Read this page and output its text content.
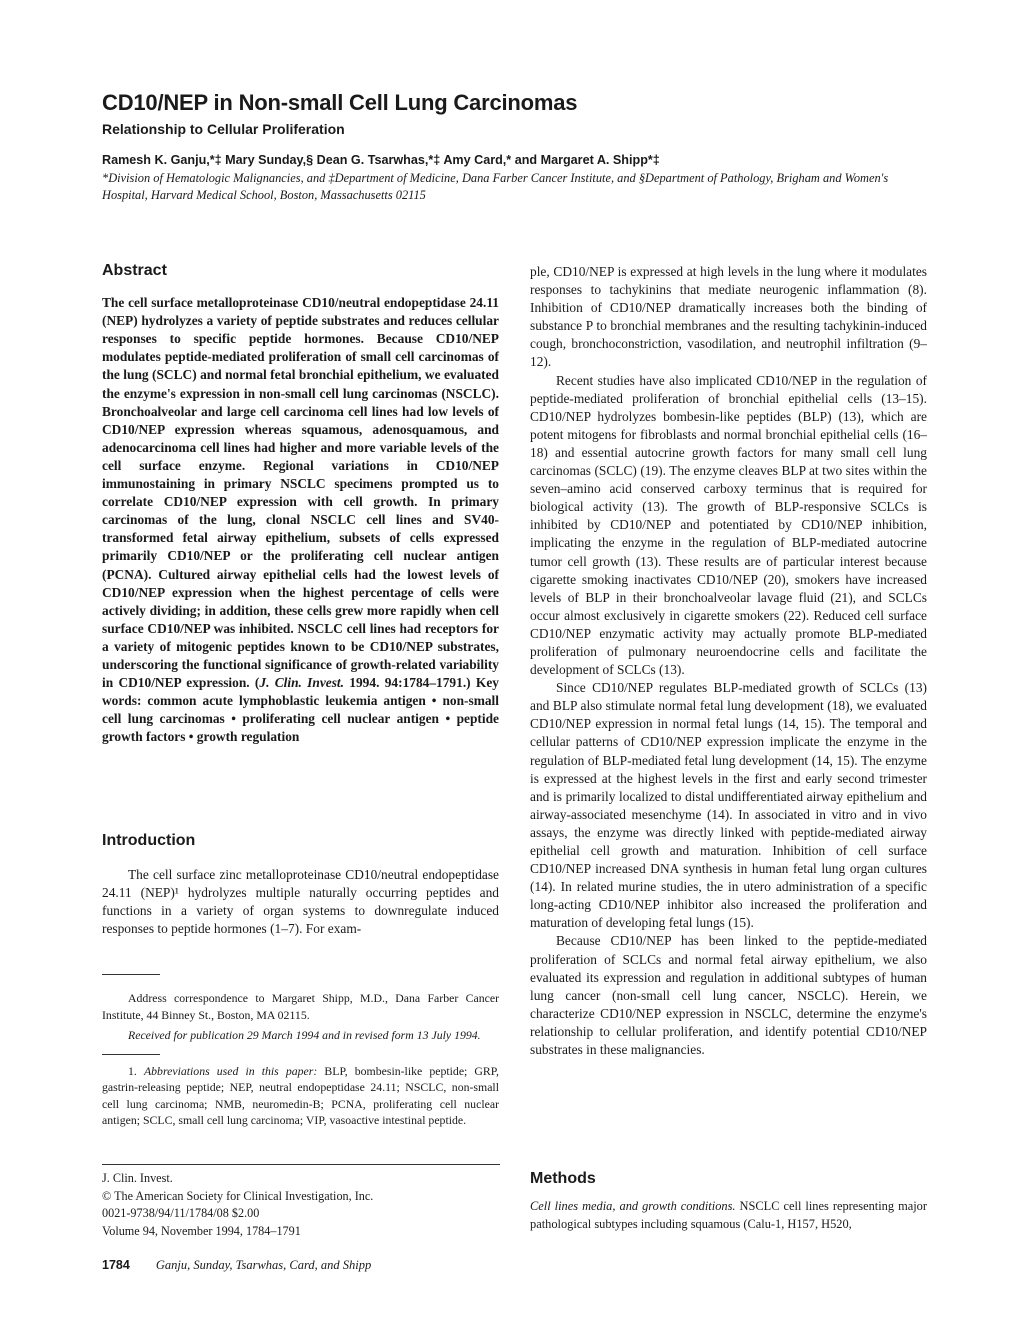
CD10/NEP in Non-small Cell Lung Carcinomas
Relationship to Cellular Proliferation
Ramesh K. Ganju,*‡ Mary Sunday,§ Dean G. Tsarwhas,*‡ Amy Card,* and Margaret A. Shipp*‡
*Division of Hematologic Malignancies, and ‡Department of Medicine, Dana Farber Cancer Institute, and §Department of Pathology, Brigham and Women's Hospital, Harvard Medical School, Boston, Massachusetts 02115
Abstract

The cell surface metalloproteinase CD10/neutral endopeptidase 24.11 (NEP) hydrolyzes a variety of peptide substrates and reduces cellular responses to specific peptide hormones. Because CD10/NEP modulates peptide-mediated proliferation of small cell carcinomas of the lung (SCLC) and normal fetal bronchial epithelium, we evaluated the enzyme's expression in non-small cell lung carcinomas (NSCLC). Bronchoalveolar and large cell carcinoma cell lines had low levels of CD10/NEP expression whereas squamous, adenosquamous, and adenocarcinoma cell lines had higher and more variable levels of the cell surface enzyme. Regional variations in CD10/NEP immunostaining in primary NSCLC specimens prompted us to correlate CD10/NEP expression with cell growth. In primary carcinomas of the lung, clonal NSCLC cell lines and SV40-transformed fetal airway epithelium, subsets of cells expressed primarily CD10/NEP or the proliferating cell nuclear antigen (PCNA). Cultured airway epithelial cells had the lowest levels of CD10/NEP expression when the highest percentage of cells were actively dividing; in addition, these cells grew more rapidly when cell surface CD10/NEP was inhibited. NSCLC cell lines had receptors for a variety of mitogenic peptides known to be CD10/NEP substrates, underscoring the functional significance of growth-related variability in CD10/NEP expression. (J. Clin. Invest. 1994. 94:1784–1791.) Key words: common acute lymphoblastic leukemia antigen • non-small cell lung carcinomas • proliferating cell nuclear antigen • peptide growth factors • growth regulation

Introduction

The cell surface zinc metalloproteinase CD10/neutral endopeptidase 24.11 (NEP)¹ hydrolyzes multiple naturally occurring peptides and functions in a variety of organ systems to downregulate induced responses to peptide hormones (1–7). For exam-

Address correspondence to Margaret Shipp, M.D., Dana Farber Cancer Institute, 44 Binney St., Boston, MA 02115.

Received for publication 29 March 1994 and in revised form 13 July 1994.

1. Abbreviations used in this paper: BLP, bombesin-like peptide; GRP, gastrin-releasing peptide; NEP, neutral endopeptidase 24.11; NSCLC, non-small cell lung carcinoma; NMB, neuromedin-B; PCNA, proliferating cell nuclear antigen; SCLC, small cell lung carcinoma; VIP, vasoactive intestinal peptide.

J. Clin. Invest.
© The American Society for Clinical Investigation, Inc.
0021-9738/94/11/1784/08 $2.00
Volume 94, November 1994, 1784–1791

ple, CD10/NEP is expressed at high levels in the lung where it modulates responses to tachykinins that mediate neurogenic inflammation (8). Inhibition of CD10/NEP dramatically increases both the binding of substance P to bronchial membranes and the resulting tachykinin-induced cough, bronchoconstriction, vasodilation, and neutrophil infiltration (9–12).

Recent studies have also implicated CD10/NEP in the regulation of peptide-mediated proliferation of bronchial epithelial cells (13–15). CD10/NEP hydrolyzes bombesin-like peptides (BLP) (13), which are potent mitogens for fibroblasts and normal bronchial epithelial cells (16–18) and essential autocrine growth factors for many small cell lung carcinomas (SCLC) (19). The enzyme cleaves BLP at two sites within the seven–amino acid conserved carboxy terminus that is required for biological activity (13). The growth of BLP-responsive SCLCs is inhibited by CD10/NEP and potentiated by CD10/NEP inhibition, implicating the enzyme in the regulation of BLP-mediated autocrine tumor cell growth (13). These results are of particular interest because cigarette smoking inactivates CD10/NEP (20), smokers have increased levels of BLP in their bronchoalveolar lavage fluid (21), and SCLCs occur almost exclusively in cigarette smokers (22). Reduced cell surface CD10/NEP enzymatic activity may actually promote BLP-mediated proliferation of pulmonary neuroendocrine cells and facilitate the development of SCLCs (13).

Since CD10/NEP regulates BLP-mediated growth of SCLCs (13) and BLP also stimulate normal fetal lung development (18), we evaluated CD10/NEP expression in normal fetal lungs (14, 15). The temporal and cellular patterns of CD10/NEP expression implicate the enzyme in the regulation of BLP-mediated fetal lung development (14, 15). The enzyme is expressed at the highest levels in the first and early second trimester and is primarily localized to distal undifferentiated airway epithelium and airway-associated mesenchyme (14). In associated in vitro and in vivo assays, the enzyme was directly linked with peptide-mediated airway epithelial cell growth and maturation. Inhibition of cell surface CD10/NEP increased DNA synthesis in human fetal lung organ cultures (14). In related murine studies, the in utero administration of a specific long-acting CD10/NEP inhibitor also increased the proliferation and maturation of developing fetal lungs (15).

Because CD10/NEP has been linked to the peptide-mediated proliferation of SCLCs and normal fetal airway epithelium, we also evaluated its expression and regulation in additional subtypes of human lung cancer (non-small cell lung cancer, NSCLC). Herein, we characterize CD10/NEP expression in NSCLC, determine the enzyme's relationship to cellular proliferation, and identify potential CD10/NEP substrates in these malignancies.

Methods

Cell lines media, and growth conditions. NSCLC cell lines representing major pathological subtypes including squamous (Calu-1, H157, H520,

1784 Ganju, Sunday, Tsarwhas, Card, and Shipp
